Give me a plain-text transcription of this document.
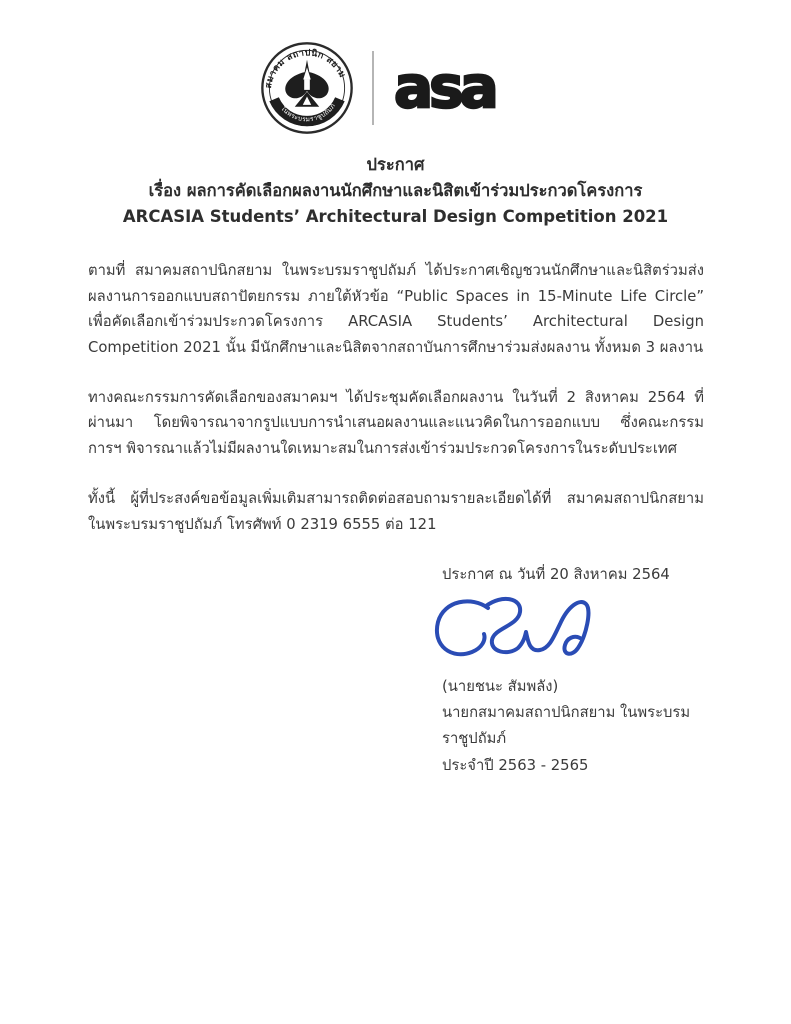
สมาคม สถาปนิก สยาม
ในพระบรมราชูปถัมภ์ asa
ประกาศ
เรื่อง ผลการคัดเลือกผลงานนักศึกษาและนิสิตเข้าร่วมประกวดโครงการ
ARCASIA Students’ Architectural Design Competition 2021

ตามที่ สมาคมสถาปนิกสยาม ในพระบรมราชูปถัมภ์ ได้ประกาศเชิญชวนนักศึกษาและนิสิตร่วมส่งผลงานการออกแบบสถาปัตยกรรม ภายใต้หัวข้อ “Public Spaces in 15-Minute Life Circle” เพื่อคัดเลือกเข้าร่วมประกวดโครงการ ARCASIA Students’ Architectural Design Competition 2021 นั้น มีนักศึกษาและนิสิตจากสถาบันการศึกษาร่วมส่งผลงาน ทั้งหมด 3 ผลงาน

ทางคณะกรรมการคัดเลือกของสมาคมฯ ได้ประชุมคัดเลือกผลงาน ในวันที่ 2 สิงหาคม 2564 ที่ผ่านมา โดยพิจารณาจากรูปแบบการนำเสนอผลงานและแนวคิดในการออกแบบ ซึ่งคณะกรรมการฯ พิจารณาแล้วไม่มีผลงานใดเหมาะสมในการส่งเข้าร่วมประกวดโครงการในระดับประเทศ

ทั้งนี้ ผู้ที่ประสงค์ขอข้อมูลเพิ่มเติมสามารถติดต่อสอบถามรายละเอียดได้ที่ สมาคมสถาปนิกสยาม ในพระบรมราชูปถัมภ์ โทรศัพท์ 0 2319 6555 ต่อ 121

ประกาศ ณ วันที่ 20 สิงหาคม 2564
(นายชนะ สัมพลัง)
นายกสมาคมสถาปนิกสยาม ในพระบรมราชูปถัมภ์
ประจำปี 2563 - 2565
